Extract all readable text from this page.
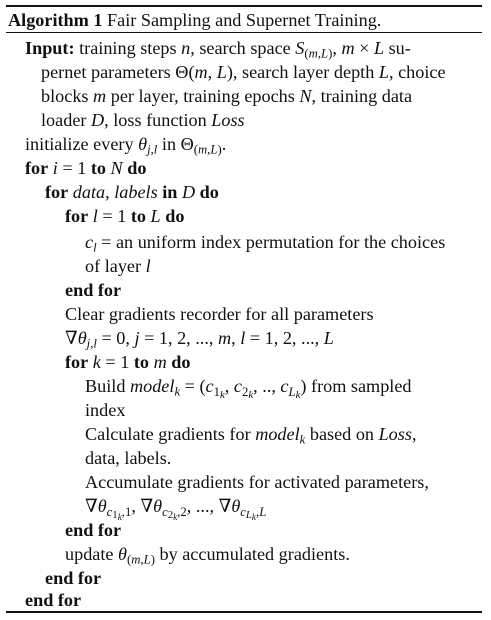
Algorithm 1 Fair Sampling and Supernet Training.
Input: training steps n, search space $S_{(m,L)}$, m × L su-
pernet parameters Θ(m, L), search layer depth L, choice
blocks m per layer, training epochs N, training data
loader D, loss function Loss
initialize every $\theta_{j,l}$ in $\Theta_{(m,L)}$.
for i = 1 to N do
for data, labels in D do
for l = 1 to L do
$c_l$ = an uniform index permutation for the choices
of layer l
end for
Clear gradients recorder for all parameters
$\nabla\theta_{j,l} = 0$, j = 1, 2, ..., m, l = 1, 2, ..., L
for k = 1 to m do
Build model$_k$ = ($c_{1_k}$, $c_{2_k}$, .., $c_{L_k}$) from sampled
index
Calculate gradients for model$_k$ based on Loss,
data, labels.
Accumulate gradients for activated parameters,
$\nabla\theta_{c_{1_k},1}$, $\nabla\theta_{c_{2_k},2}$, ..., $\nabla\theta_{c_{L_k},L}$
end for
update $\theta_{(m,L)}$ by accumulated gradients.
end for
end for
